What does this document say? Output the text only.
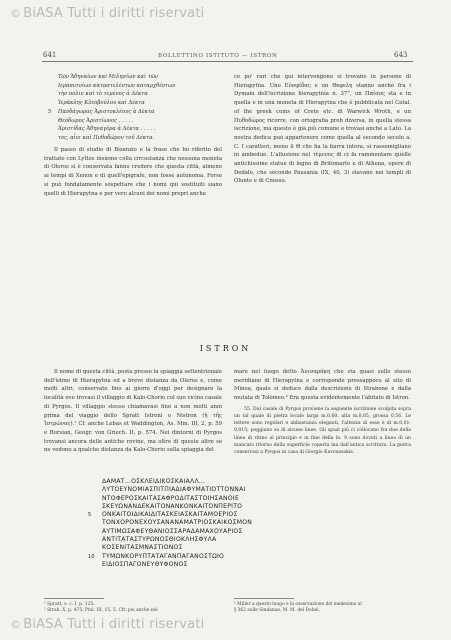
© BiASA Tutti i diritti riservati
© BiASA Tutti i diritti riservati
641	BOLLETTINO ISTITUTO — ISTRON	643
Τῶν Ἀθηναίων καὶ Μιλησίων καὶ τῶν
Ιεραπυτνίων καταστελέντων καταρχθέντων
τὴν πολιν καὶ τὸ τεμένος ἀ Δέκτα
Ἱεράκλης Κλεοβούλου καὶ Δέκτα
5 Πανδάγωρας Ἀριστοκλέους ἀ Δέκτα
Θεόδωρος Ἀριστίωνος . . . . .
Ἀριστίδας Ἀθηναγόρα ἀ Δέκτα . . . . .
τος, αἶνι καὶ Πυθοδώρου τοῦ Δέκτα.

Il passo di studio di Bizanzio e la frase che ho riferito del trattato con Lyttos insieme colla circostanza che nessuna moneta di Oleros si è conservata fanno credere che questa città, almeno ai tempi di Xenon e di quell'epigrafe, non fosse autonoma. Forse si può fondatamente sospettare che i nomi qui sostituiti siano quelli di Hierapytna e per vero alcuni dei nomi propri anche

ce po' rari che qui intervengono si trovano in persone di Hierapytna. Uno Εὐσφίδας e un Θεφελη stanno anche fra i Dymani dell'iscrizione hierapytnia n. 37°, un Παίσος sta e in quella e in una moneta di Hierapytna che è pubblicata nel Catal. of the greek coins of Crete etc. di Warwick Wroth, e un Πυθοδώρος ricorre, con ortografia prob diversa, in quella stessa iscrizione, ma questo è già più comune e trovasi anche a Lato. La nostra dedica può appartenere come quella al secondo secolo a. C. I caratteri, meno il Θ che ha la barra intera, si rassomigliano in ambedue. L'allusione nel τέμενος di ci fa rammentare quelle antichissime statue di legno di Britomarte e di Athena, opere di Dedalo, che secondo Pausania (IX, 40, 3) stavano nei templi di Olunte e di Cnosso.

ISTRON

Il nome di questa città, posta presso la spiaggia settentrionale dell'istmo di Hierapytna ed a breve distanza da Oleros e, come molti altri, conservato fino ai giorni d'oggi per designare la località ove trovasi il villaggio di Kalo-Chorio col suo vicino casale di Pyrgos. Il villaggio stesso chiamavasi fino a non molti anni prima del viaggio dello Spratt Istroni o Nistron (ἡ τῆς Ἰστρώνας).¹ Cf. anche Lebas et Waddington, As. Min. III, 2, p. 59 e Bursian, Geogr. von Griech. II, p. 574. Nei dintorni di Pyrgos trovansi ancora delle antiche rovine, ma oltre di queste altre se ne vedono a qualche distanza da Kalo-Chorio sulla spiaggia del

mare nel luogo detto Ἀνισαράκη che sta quasi sullo stesso meridiano di Hierapytna e corrisponde pressappoco al sito di Minoa, quale si deduce dalla descrizione di Strabone e dalla mutata di Tolomeo.² Era questa evidentemente l'abitato di Istron.

55. Dal casale di Pyrgos proviene la seguente iscrizione scolpita sopra un tal quale di pietra locale larga m.0,60, alta m.0,85, grossa 0,56. Le lettere sono regolari e abbastanza eleganti, l'altezza di esse è di m.0,01-0,015; poggiano su di alcune linee. Gli spazi più ci collocano fra due della linea di ritmo al principio e in fine della ln. 9 sono dovuti a linea di un mancato ritorno della superficie coperta ma dall'antica scrittura. La pietra conservasi a Pyrgos in casa di Giorgio Kavoussakis.

ΔΑΜΑΤ…ΟΣΚΛΕΙΔΙΚΟΣΚΑΙΑΛΛ…
ΛΥΤΟΕΥΝΟΜΙΑΣΠΙΤΠΙΑΔΙΑΦΥΜΑΤΙΟΤΤΟΝΝΑΙ
ΝΤΟΦΕΡΟΣΚΑΙΤΑΣΑΦΡΟΔΙΤΑΣΤΟΙΗΣΑΝΟΙΕ
ΣΚΕΥΩΝΑΝΔΕΚΑΙΤΟΝΑΝΚΟΝΚΑΙΤΟΝΠΕΡΙΤΟ
5 ΟΝΚΑΙΤΟΙΔΙΚΑΙΔΙΤΑΣΚΕΙΑΣΚΑΙΤΑΜΟΕΡΙΟΣ
ΤΟΝΧΟΡΟΝΕΧΟΥΣΑΝΑΝΑΜΑΤΡΙΟΣΚΑΙΚΟΣΜΟΝ
ΑΥΤΙΜΩΣΑΦΕΥΘΑΝΙΟΣΣΑΡΑΔΑΜΑΧΟΥΑΡΙΟΣ
ΑΝΤΙΤΑΤΑΣΤΥΡΩΝΟΣΘΙΟΚΛΗΣΦΥΛΑ
ΚΟΣΕΝΙΤΑΣΜΝΑΣΤΙΟΝΟΣ
10 ΤΥΜΩΝΚΟΡΥΠΤΑΤΑΓΑΝΠΑΓΑΝΟΣΤΩΙΟ
ΕΙΔΙΟΣΠΑΓΟΝΕΥΘΥΦΟΝΟΣ
¹ Spratt, o. c. I, p. 125.
² Strab. X, p. 475. Ptol. III, 15, 5. Cfr. poi anche nel
¹ Miller a questo luogo e la osservazione del medesimo al
§ 362 sulle Sindanae, M. M. del Dobel.
